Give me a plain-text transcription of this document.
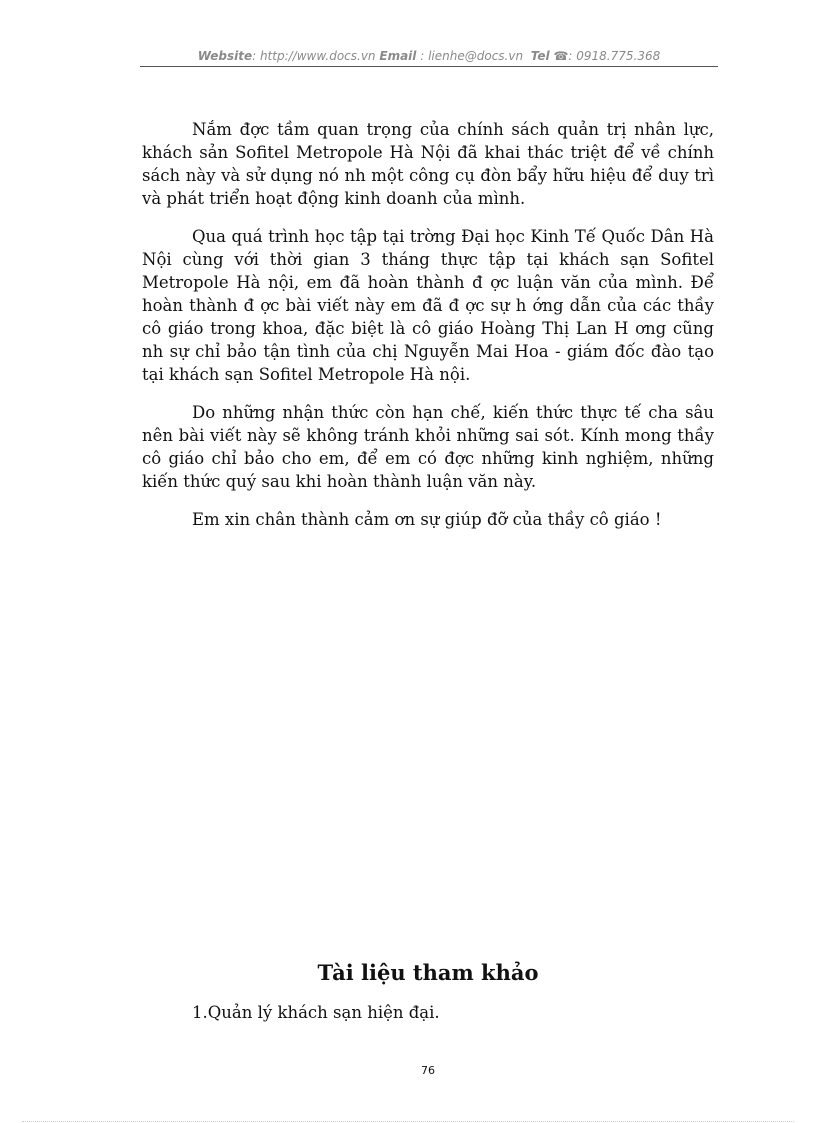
Website: http://www.docs.vn Email : lienhe@docs.vn Tel ☎: 0918.775.368

Nắm đợc tầm quan trọng của chính sách quản trị nhân lực, khách sản Sofitel Metropole Hà Nội đã khai thác triệt để về chính sách này và sử dụng nó nh một công cụ đòn bẩy hữu hiệu để duy trì và phát triển hoạt động kinh doanh của mình.

Qua quá trình học tập tại trờng Đại học Kinh Tế Quốc Dân Hà Nội cùng với thời gian 3 tháng thực tập tại khách sạn Sofitel Metropole Hà nội, em đã hoàn thành đ ợc luận văn của mình. Để hoàn thành đ ợc bài viết này em đã đ ợc sự h ớng dẫn của các thầy cô giáo trong khoa, đặc biệt là cô giáo Hoàng Thị Lan H ơng cũng nh sự chỉ bảo tận tình của chị Nguyễn Mai Hoa - giám đốc đào tạo tại khách sạn Sofitel Metropole Hà nội.

Do những nhận thức còn hạn chế, kiến thức thực tế cha sâu nên bài viết này sẽ không tránh khỏi những sai sót. Kính mong thầy cô giáo chỉ bảo cho em, để em có đợc những kinh nghiệm, những kiến thức quý sau khi hoàn thành luận văn này.

Em xin chân thành cảm ơn sự giúp đỡ của thầy cô giáo !

Tài liệu tham khảo
1.Quản lý khách sạn hiện đại.
76
